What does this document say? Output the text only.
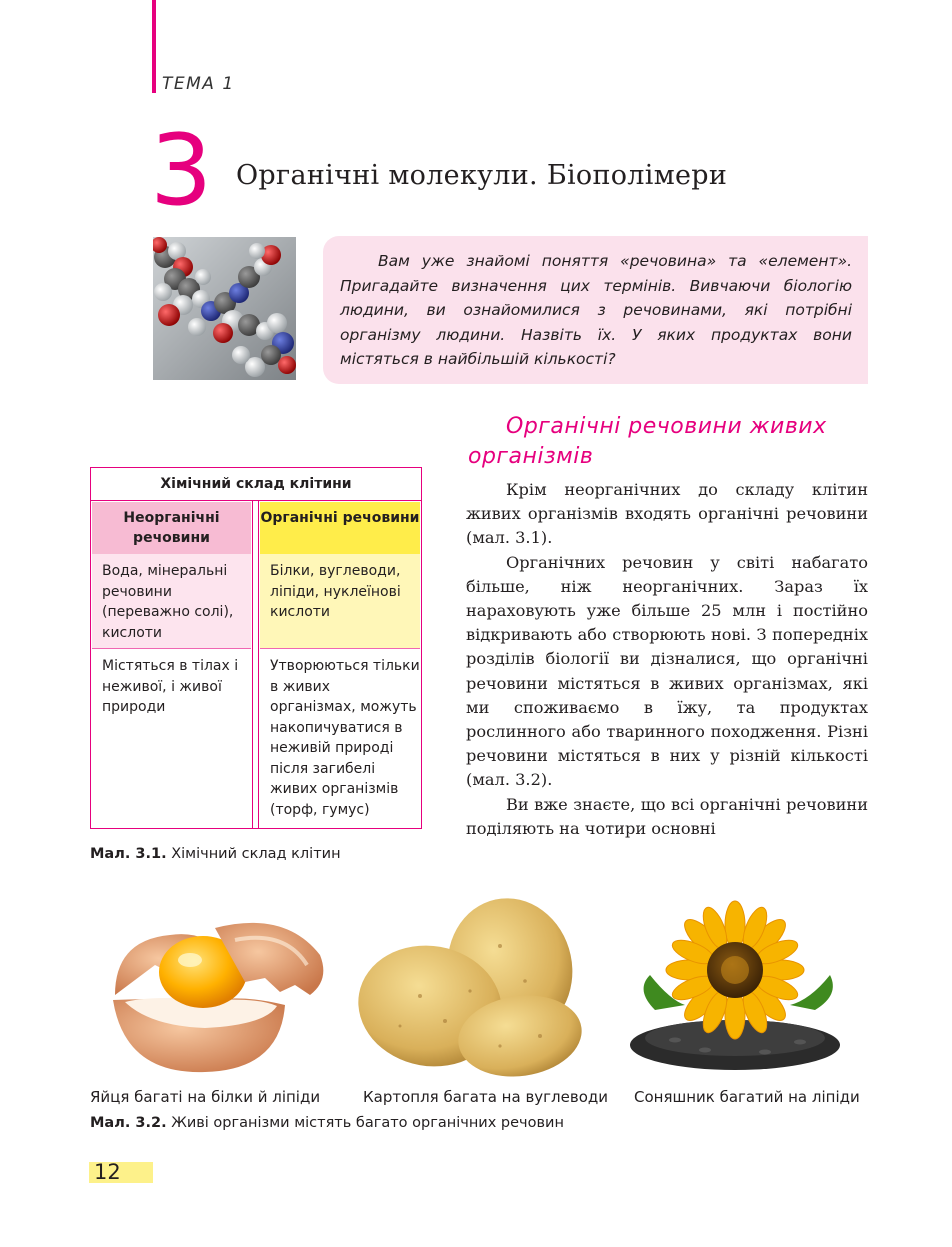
ТЕМА 1
3 Органічні молекули. Біополімери
Вам уже знайомі поняття «речовина» та «елемент». Пригадайте визначення цих термінів. Вивчаючи біологію людини, ви ознайомилися з речовинами, які потрібні організму людини. Назвіть їх. У яких продуктах вони містяться в найбільшій кількості?
Органічні речовини живих організмів

Крім неорганічних до складу клітин живих організмів входять органічні речовини (мал. 3.1).

Органічних речовин у світі набагато більше, ніж неорганічних. Зараз їх нараховують уже більше 25 млн і постійно відкривають або створюють нові. З попередніх розділів біології ви дізналися, що органічні речовини містяться в живих організмах, які ми споживаємо в їжу, та продуктах рослинного або тваринного походження. Різні речовини містяться в них у різній кількості (мал. 3.2).

Ви вже знаєте, що всі органічні речовини поділяють на чотири основні

Хімічний склад клітини
Неорганічні речовини
Органічні речовини
Вода, мінеральні речовини (переважно солі), кислоти
Білки, вуглеводи, ліпіди, нуклеїнові кислоти
Містяться в тілах і неживої, і живої природи
Утворюються тільки в живих організмах, можуть накопичуватися в неживій природі після загибелі живих організмів (торф, гумус)
Мал. 3.1. Хімічний склад клітин
Яйця багаті на білки й ліпіди	Картопля багата на вуглеводи Соняшник багатий на ліпіди
Мал. 3.2. Живі організми містять багато органічних речовин
12
